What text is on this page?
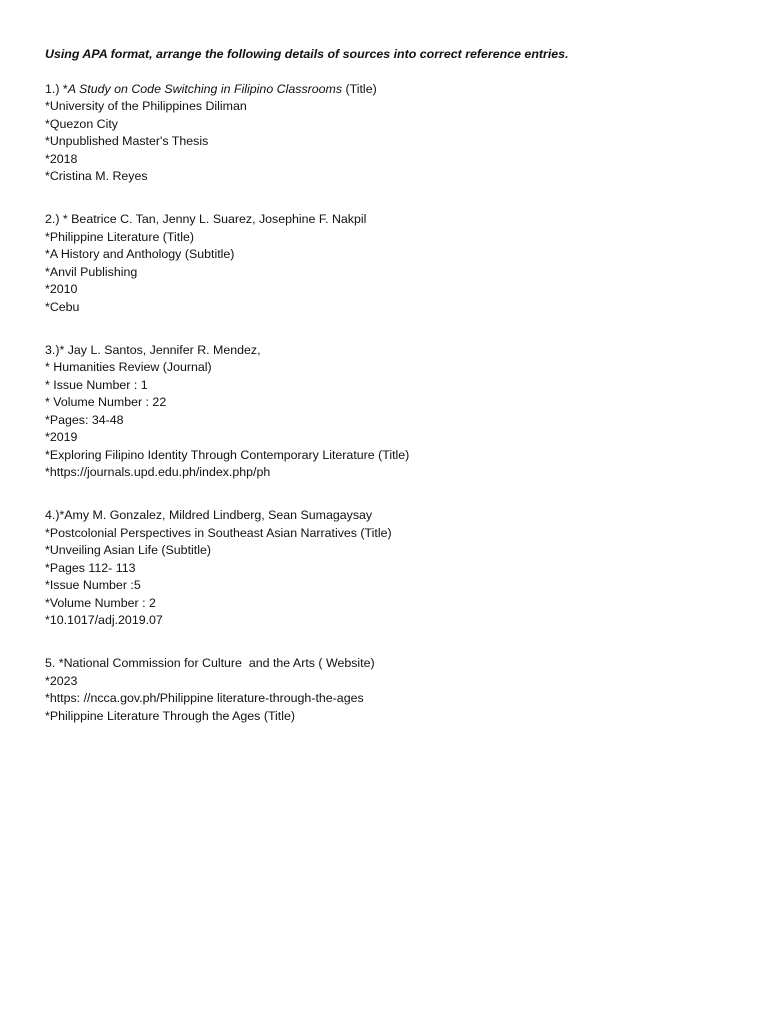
Using APA format, arrange the following details of sources into correct reference entries.

1.) *A Study on Code Switching in Filipino Classrooms (Title)

*University of the Philippines Diliman

*Quezon City

*Unpublished Master's Thesis

*2018

*Cristina M. Reyes

2.) * Beatrice C. Tan, Jenny L. Suarez, Josephine F. Nakpil

*Philippine Literature (Title)

*A History and Anthology (Subtitle)

*Anvil Publishing

*2010

*Cebu

3.)* Jay L. Santos, Jennifer R. Mendez,

* Humanities Review (Journal)

* Issue Number : 1

* Volume Number : 22

*Pages: 34-48

*2019

*Exploring Filipino Identity Through Contemporary Literature (Title)

*https://journals.upd.edu.ph/index.php/ph

4.)*Amy M. Gonzalez, Mildred Lindberg, Sean Sumagaysay

*Postcolonial Perspectives in Southeast Asian Narratives (Title)

*Unveiling Asian Life (Subtitle)

*Pages 112- 113

*Issue Number :5

*Volume Number : 2

*10.1017/adj.2019.07

5. *National Commission for Culture  and the Arts ( Website)

*2023

*https: //ncca.gov.ph/Philippine literature-through-the-ages

*Philippine Literature Through the Ages (Title)
